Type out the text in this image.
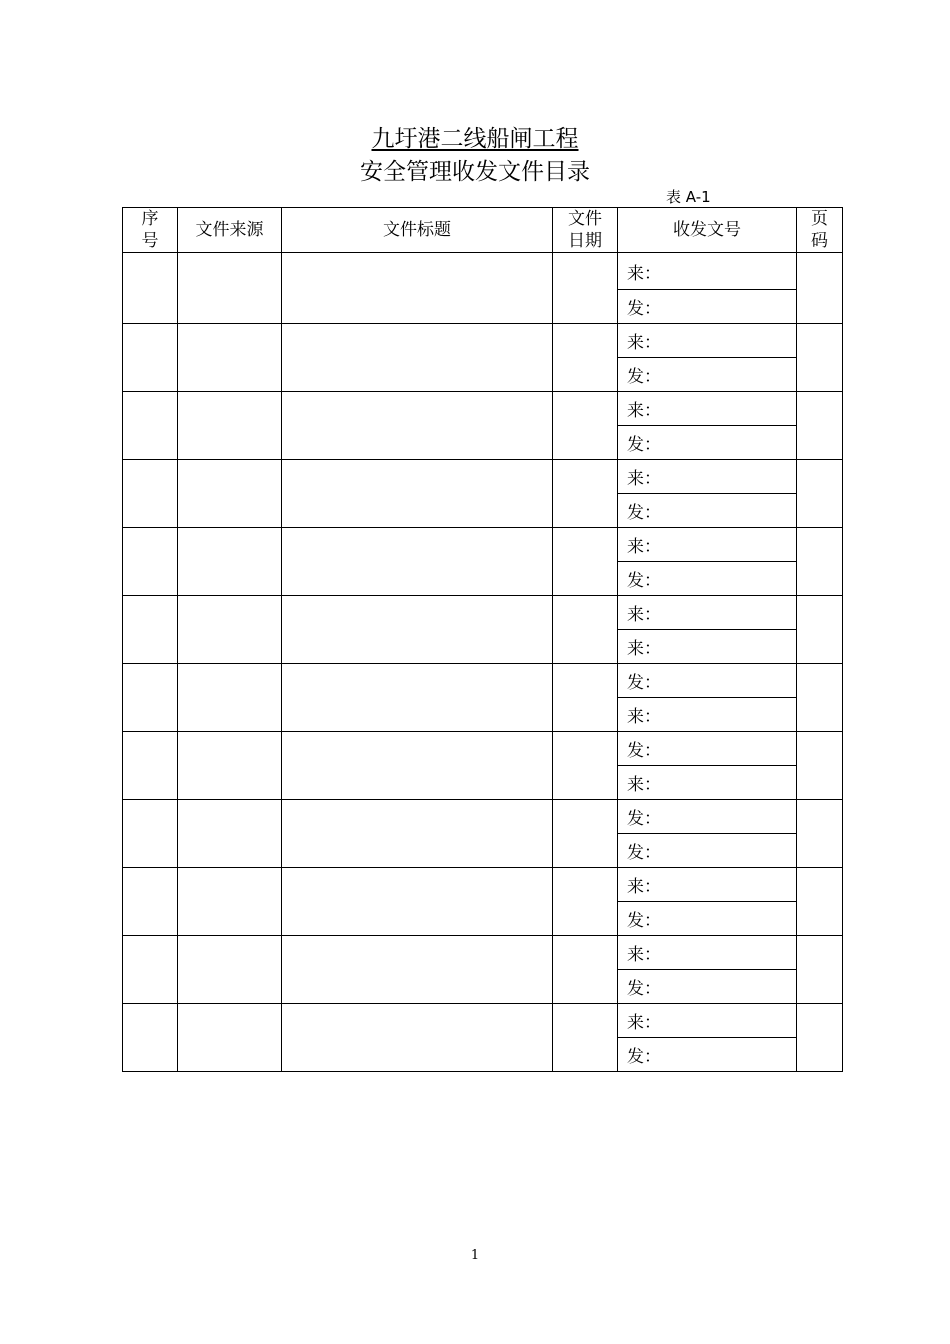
九圩港二线船闸工程
安全管理收发文件目录
表 A-1
序
号	文件来源	文件标题	文件
日期	收发文号	页
码
				来：	
				发：	
				来：	
				发：	
				来：	
				发：	
				来：	
				发：	
				来：	
				发：	
				来：	
				来：	
				发：	
				来：	
				发：	
				来：	
				发：	
				发：	
				来：	
				发：	
				来：	
				发：	
				来：	
				发：	
1
